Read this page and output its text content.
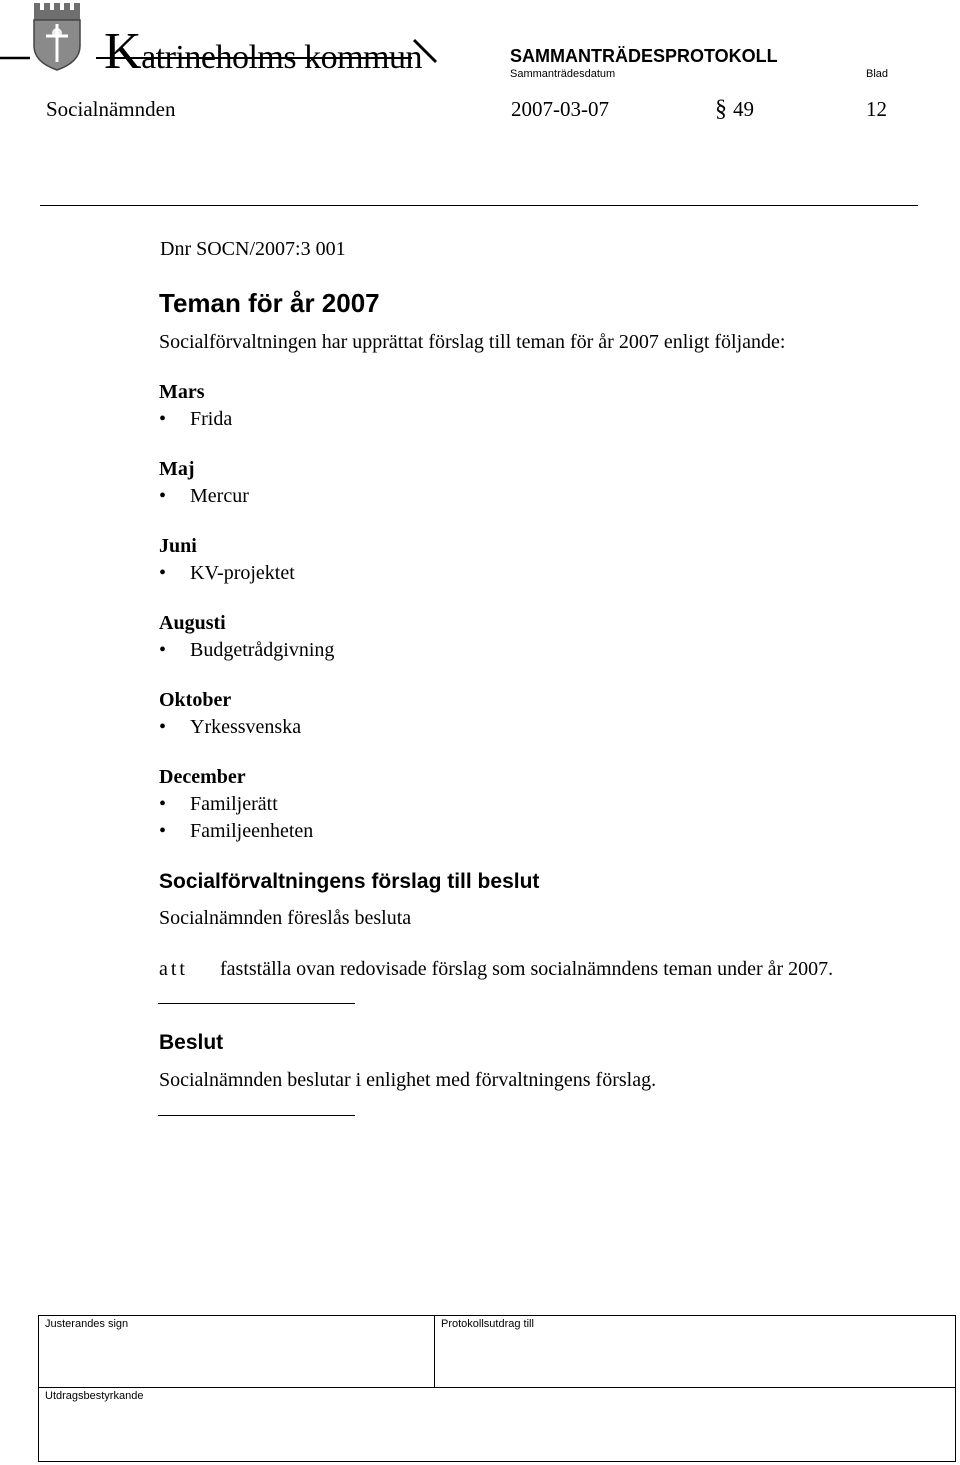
Katrineholms kommun	SAMMANTRÄDESPROTOKOLL
Sammanträdesdatum	Blad
Socialnämnden	2007-03-07	§ 49	12
Dnr SOCN/2007:3 001
Teman för år 2007
Socialförvaltningen har upprättat förslag till teman för år 2007 enligt följande:
Mars
• Frida
Maj
• Mercur
Juni
• KV-projektet
Augusti
• Budgetrådgivning
Oktober
• Yrkessvenska
December
• Familjerätt
• Familjeenheten
Socialförvaltningens förslag till beslut
Socialnämnden föreslås besluta
att fastställa ovan redovisade förslag som socialnämndens teman under år 2007.
Beslut
Socialnämnden beslutar i enlighet med förvaltningens förslag.
Justerandes sign	Protokollsutdrag till
Utdragsbestyrkande
